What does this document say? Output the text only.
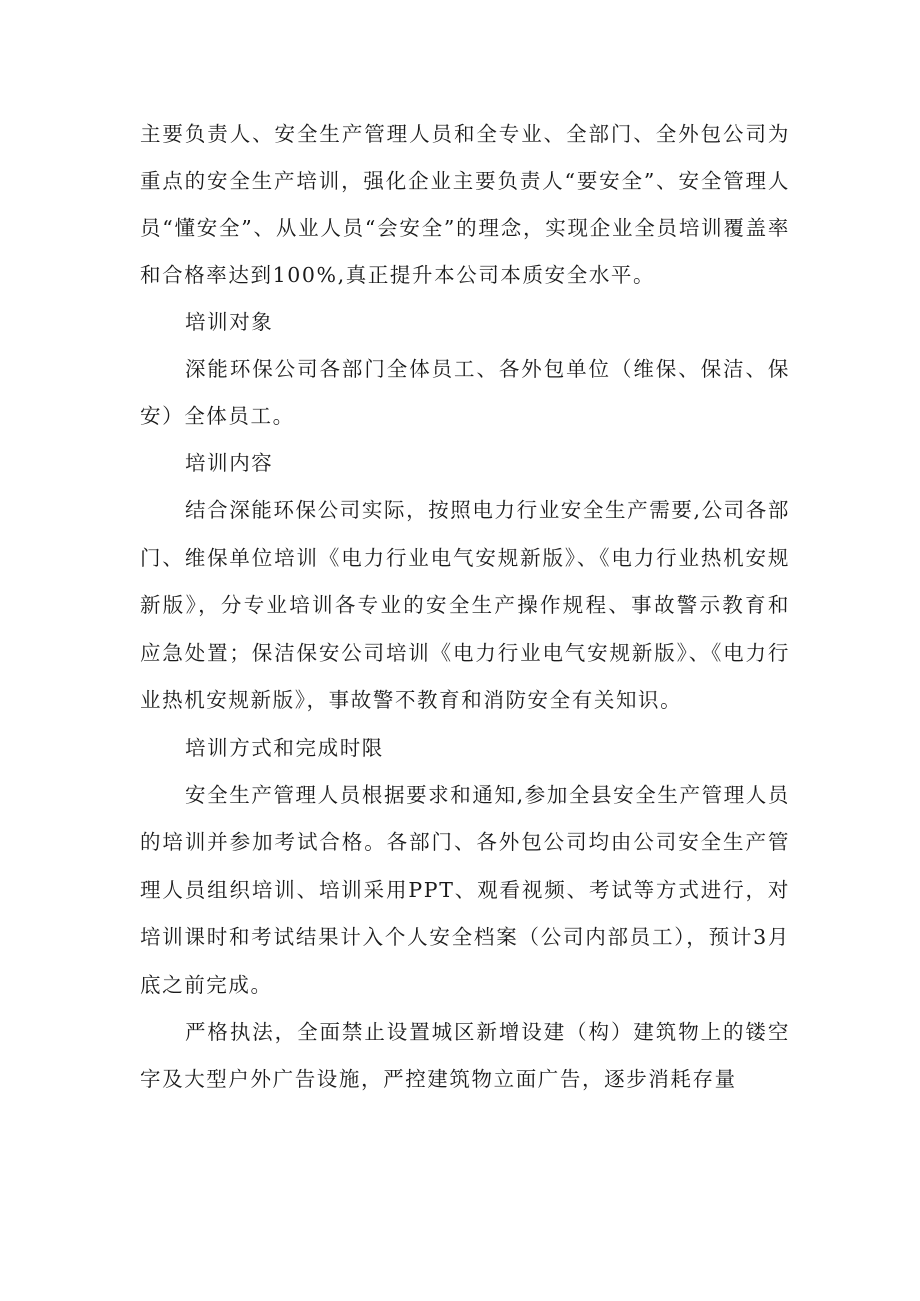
主要负责人、安全生产管理人员和全专业、全部门、全外包公司为重点的安全生产培训，强化企业主要负责人“要安全”、安全管理人员“懂安全”、从业人员“会安全”的理念，实现企业全员培训覆盖率和合格率达到100%,真正提升本公司本质安全水平。

培训对象

深能环保公司各部门全体员工、各外包单位（维保、保洁、保安）全体员工。

培训内容

结合深能环保公司实际，按照电力行业安全生产需要,公司各部门、维保单位培训《电力行业电气安规新版》、《电力行业热机安规新版》，分专业培训各专业的安全生产操作规程、事故警示教育和应急处置；保洁保安公司培训《电力行业电气安规新版》、《电力行业热机安规新版》，事故警不教育和消防安全有关知识。

培训方式和完成时限

安全生产管理人员根据要求和通知,参加全县安全生产管理人员的培训并参加考试合格。各部门、各外包公司均由公司安全生产管理人员组织培训、培训采用PPT、观看视频、考试等方式进行，对培训课时和考试结果计入个人安全档案（公司内部员工），预计3月底之前完成。

严格执法，全面禁止设置城区新增设建（构）建筑物上的镂空字及大型户外广告设施，严控建筑物立面广告，逐步消耗存量
